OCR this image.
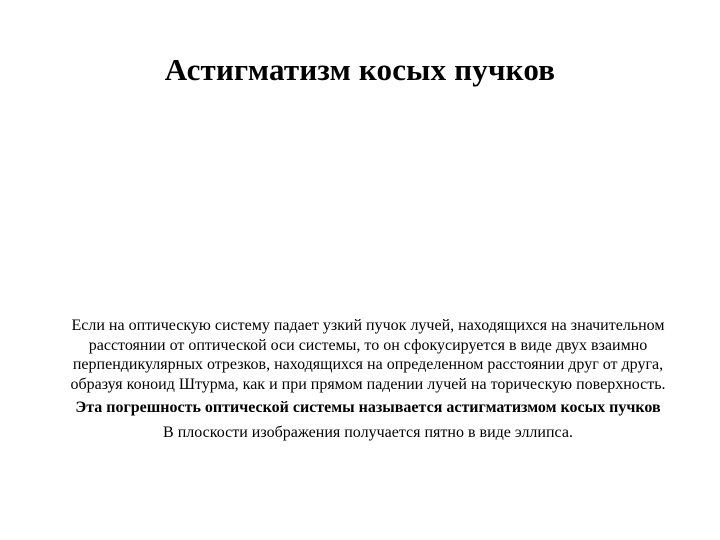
Астигматизм косых пучков

Если на оптическую систему падает узкий пучок лучей, находящихся на значительном расстоянии от оптической оси системы, то он сфокусируется в виде двух взаимно перпендикулярных отрезков, находящихся на определенном расстоянии друг от друга, образуя коноид Штурма, как и при прямом падении лучей на торическую поверхность.

Эта погрешность оптической системы называется астигматизмом косых пучков

В плоскости изображения получается пятно в виде эллипса.
